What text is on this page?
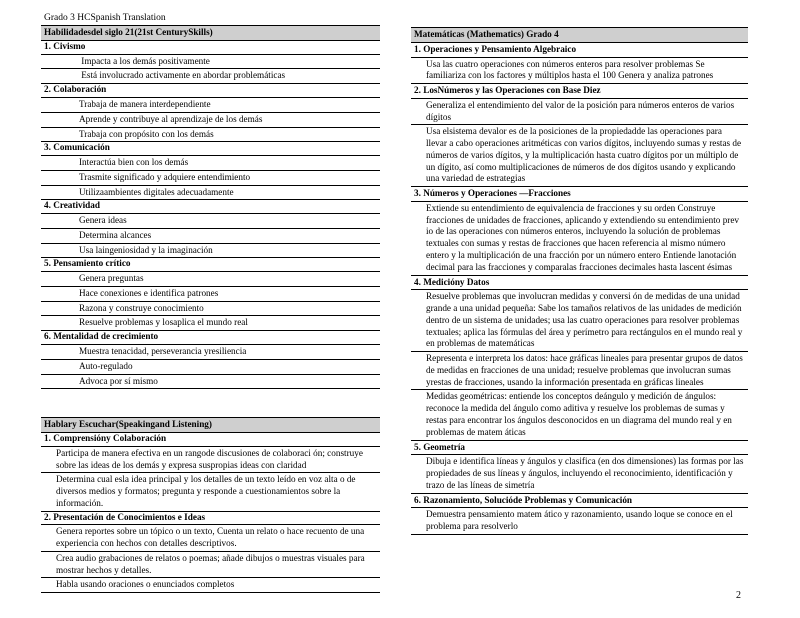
Grado 3 HCSpanish Translation
Habilidadesdel siglo 21(21st CenturySkills)
1. Civismo
Impacta a los demás positivamente
Está involucrado activamente en abordar problemáticas
2. Colaboración
Trabaja de manera interdependiente
Aprende y contribuye al aprendizaje de los demás
Trabaja con propósito con los demás
3. Comunicación
Interactúa bien con los demás
Trasmite significado y adquiere entendimiento
Utilizaambientes digitales adecuadamente
4. Creatividad
Genera ideas
Determina alcances
Usa laingeniosidad y la imaginación
5. Pensamiento crítico
Genera preguntas
Hace conexiones e identifica patrones
Razona y construye conocimiento
Resuelve problemas y losaplica el mundo real
6. Mentalidad de crecimiento
Muestra tenacidad, perseverancia yresiliencia
Auto-regulado
Advoca por sí mismo
Hablary Escuchar(Speakingand Listening)
1. Comprensióny Colaboración
Participa de manera efectiva en un rangode discusiones de colaboraci ón; construye sobre las ideas de los demás y expresa suspropias ideas con claridad
Determina cual esla idea principal y los detalles de un texto leído en voz alta o de diversos medios y formatos; pregunta y responde a cuestionamientos sobre la información.
2. Presentación de Conocimientos e Ideas
Genera reportes sobre un tópico o un texto, Cuenta un relato o hace recuento de una experiencia con hechos con detalles descriptivos.
Crea audio grabaciones de relatos o poemas; añade dibujos o muestras visuales para mostrar hechos y detalles.
Habla usando oraciones o enunciados completos
Matemáticas (Mathematics) Grado 4
1. Operaciones y Pensamiento Algebraico
Usa las cuatro operaciones con números enteros para resolver problemas Se familiariza con los factores y múltiplos hasta el 100 Genera y analiza patrones
2. LosNúmeros y las Operaciones con Base Diez
Generaliza el entendimiento del valor de la posición para números enteros de varios dígitos
Usa elsistema devalor es de la posiciones de la propiedadde las operaciones para llevar a cabo operaciones aritméticas con varios dígitos, incluyendo sumas y restas de números de varios dígitos, y la multiplicación hasta cuatro dígitos por un múltiplo de un dígito, así como multiplicaciones de números de dos dígitos usando y explicando una variedad de estrategias
3. Números y Operaciones —Fracciones
Extiende su entendimiento de equivalencia de fracciones y su orden Construye fracciones de unidades de fracciones, aplicando y extendiendo su entendimiento prev io de las operaciones con números enteros, incluyendo la solución de problemas textuales con sumas y restas de fracciones que hacen referencia al mismo número entero y la multiplicación de una fracción por un número entero Entiende lanotación decimal para las fracciones y comparalas fracciones decimales hasta lascent ésimas
4. Medicióny Datos
Resuelve problemas que involucran medidas y conversi ón de medidas de una unidad grande a una unidad pequeña: Sabe los tamaños relativos de las unidades de medición dentro de un sistema de unidades; usa las cuatro operaciones para resolver problemas textuales; aplica las fórmulas del área y perímetro para rectángulos en el mundo real y en problemas de matemáticas
Representa e interpreta los datos: hace gráficas lineales para presentar grupos de datos de medidas en fracciones de una unidad; resuelve problemas que involucran sumas yrestas de fracciones, usando la información presentada en gráficas lineales
Medidas geométricas: entiende los conceptos deángulo y medición de ángulos: reconoce la medida del ángulo como aditiva y resuelve los problemas de sumas y restas para encontrar los ángulos desconocidos en un diagrama del mundo real y en problemas de matem áticas
5. Geometría
Dibuja e identifica líneas y ángulos y clasifica (en dos dimensiones) las formas por las propiedades de sus líneas y ángulos, incluyendo el reconocimiento, identificación y trazo de las líneas de simetría
6. Razonamiento, Solucióde Problemas y Comunicación
Demuestra pensamiento matem ático y razonamiento, usando loque se conoce en el problema para resolverlo
2
